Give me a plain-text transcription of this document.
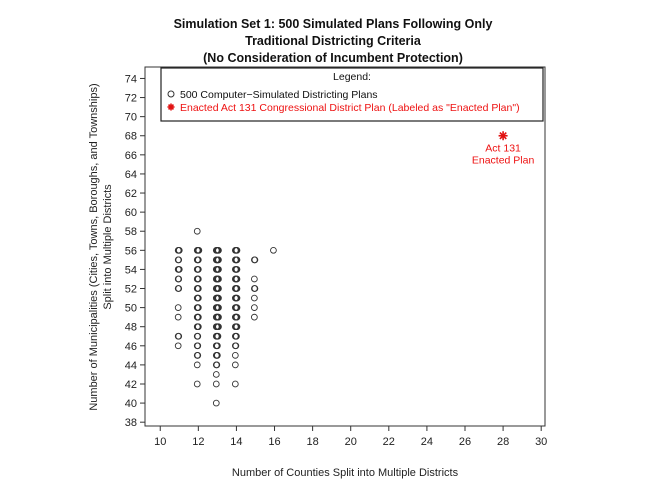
Simulation Set 1: 500 Simulated Plans Following Only
Traditional Districting Criteria
(No Consideration of Incumbent Protection)
10 12 14 16 18 20 22 24 26 28 30
38
40
42
44
46
48
50
52
54
56
58
60
62
64
66
68
70
72
74
Number of Counties Split into Multiple Districts
Number of Municipalities (Cities, Towns, Boroughs, and Townships) Split into Multiple Districts
Legend:
500 Computer−Simulated Districting Plans
Enacted Act 131 Congressional District Plan (Labeled as "Enacted Plan")
Act 131
Enacted Plan
